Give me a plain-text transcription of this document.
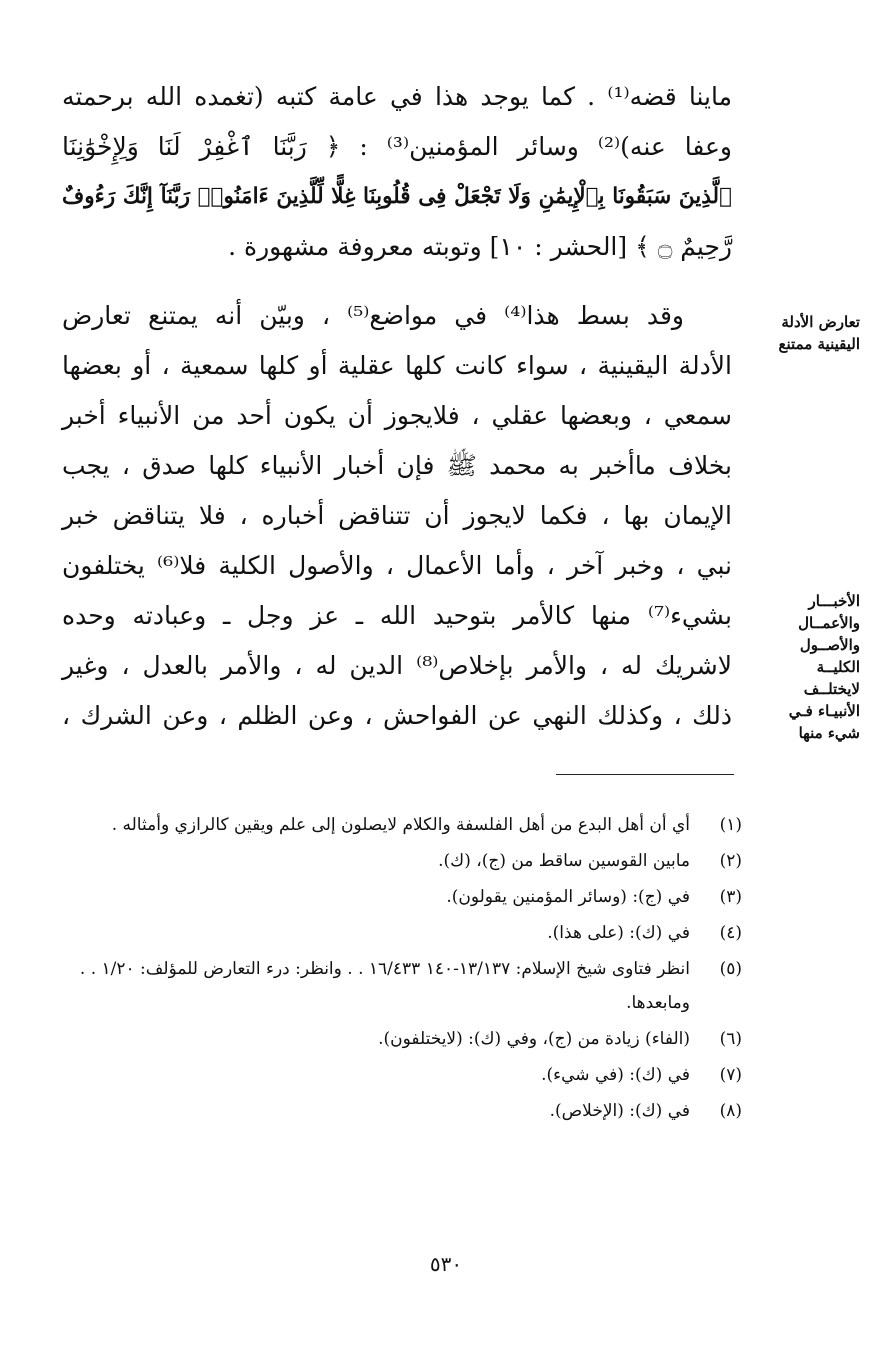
ماينا قضه⁽¹⁾ . كما يوجد هذا في عامة كتبه (تغمده الله برحمته
وعفا عنه)⁽²⁾ وسائر المؤمنين⁽³⁾ : ﴿ رَبَّنَا ٱغْفِرْ لَنَا وَلِإِخْوَٰنِنَا
ٱلَّذِينَ سَبَقُونَا بِٱلْإِيمَٰنِ وَلَا تَجْعَلْ فِى قُلُوبِنَا غِلًّا لِّلَّذِينَ ءَامَنُوا۟ رَبَّنَآ إِنَّكَ رَءُوفٌ
رَّحِيمٌ ۝ ﴾ [الحشر : ١٠] وتوبته معروفة مشهورة .
وقد بسط هذا⁽⁴⁾ في مواضع⁽⁵⁾ ، وبيّن أنه يمتنع تعارض
الأدلة اليقينية ، سواء كانت كلها عقلية أو كلها سمعية ، أو بعضها
سمعي ، وبعضها عقلي ، فلايجوز أن يكون أحد من الأنبياء أخبر
بخلاف ماأخبر به محمد ﷺ فإن أخبار الأنبياء كلها صدق ، يجب
الإيمان بها ، فكما لايجوز أن تتناقض أخباره ، فلا يتناقض خبر
نبي ، وخبر آخر ، وأما الأعمال ، والأصول الكلية فلا⁽⁶⁾ يختلفون
بشيء⁽⁷⁾ منها كالأمر بتوحيد الله ـ عز وجل ـ وعبادته وحده
لاشريك له ، والأمر بإخلاص⁽⁸⁾ الدين له ، والأمر بالعدل ، وغير
ذلك ، وكذلك النهي عن الفواحش ، وعن الظلم ، وعن الشرك ،
تعارض الأدلة
اليقينية ممتنع
الأخبـــار
والأعمــال
والأصــول
الكليــة
لايختلــف
الأنبيـاء فـي
شيء منها
(١)
أي أن أهل البدع من أهل الفلسفة والكلام لايصلون إلى علم ويقين كالرازي وأمثاله .
(٢)
مابين القوسين ساقط من (ج)، (ك).
(٣)
في (ج): (وسائر المؤمنين يقولون).
(٤)
في (ك): (على هذا).
(٥)
انظر فتاوى شيخ الإسلام: ١٣/١٣٧-١٤٠ ١٦/٤٣٣ . . وانظر: درء التعارض للمؤلف: ١/٢٠ . . ومابعدها.
(٦)
(الفاء) زيادة من (ج)، وفي (ك): (لايختلفون).
(٧)
في (ك): (في شيء).
(٨)
في (ك): (الإخلاص).
٥٣٠
